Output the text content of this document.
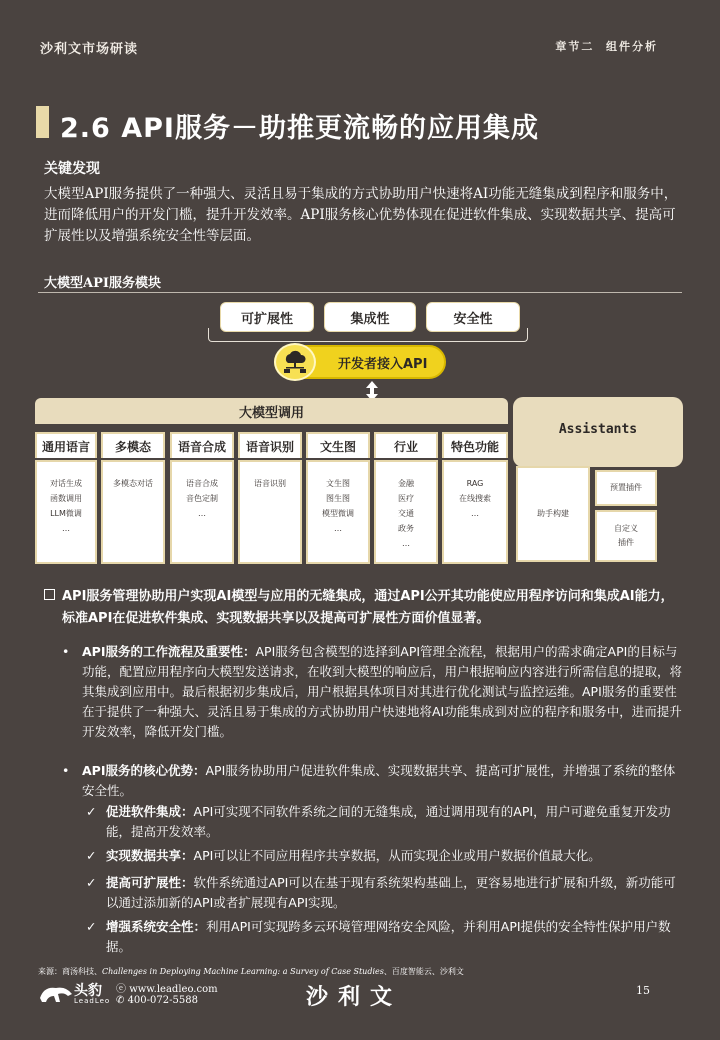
沙利文市场研读	章节二  组件分析
2.6 API服务－助推更流畅的应用集成
关键发现
大模型API服务提供了一种强大、灵活且易于集成的方式协助用户快速将AI功能无缝集成到程序和服务中，进而降低用户的开发门槛，提升开发效率。API服务核心优势体现在促进软件集成、实现数据共享、提高可扩展性以及增强系统安全性等层面。
大模型API服务模块
可扩展性	集成性	安全性
开发者接入API
大模型调用
Assistants
通用语言
对话生成
函数调用
LLM微调
…
多模态
多模态对话
语音合成
语音合成
音色定制
…
语音识别
语音识别
文生图
文生图
图生图
模型微调
…
行业
金融
医疗
交通
政务
…
特色功能
RAG
在线搜索
…	助手构建
预置插件
自定义
插件
API服务管理协助用户实现AI模型与应用的无缝集成，通过API公开其功能使应用程序访问和集成AI能力，标准API在促进软件集成、实现数据共享以及提高可扩展性方面价值显著。
•	API服务的工作流程及重要性：API服务包含模型的选择到API管理全流程，根据用户的需求确定API的目标与功能，配置应用程序向大模型发送请求，在收到大模型的响应后，用户根据响应内容进行所需信息的提取，将其集成到应用中。最后根据初步集成后，用户根据具体项目对其进行优化测试与监控运维。API服务的重要性在于提供了一种强大、灵活且易于集成的方式协助用户快速地将AI功能集成到对应的程序和服务中，进而提升开发效率，降低开发门槛。
•	API服务的核心优势：API服务协助用户促进软件集成、实现数据共享、提高可扩展性，并增强了系统的整体安全性。
✓ 促进软件集成：API可实现不同软件系统之间的无缝集成，通过调用现有的API，用户可避免重复开发功能，提高开发效率。
✓ 实现数据共享：API可以让不同应用程序共享数据，从而实现企业或用户数据价值最大化。
✓ 提高可扩展性：软件系统通过API可以在基于现有系统架构基础上，更容易地进行扩展和升级，新功能可以通过添加新的API或者扩展现有API实现。
✓ 增强系统安全性：利用API可实现跨多云环境管理网络安全风险，并利用API提供的安全特性保护用户数据。
来源：商汤科技、Challenges in Deploying Machine Learning: a Survey of Case Studies、百度智能云、沙利文
头豹
LeadLeo
ⓔ www.leadleo.com
✆ 400-072-5588	沙利文	15
